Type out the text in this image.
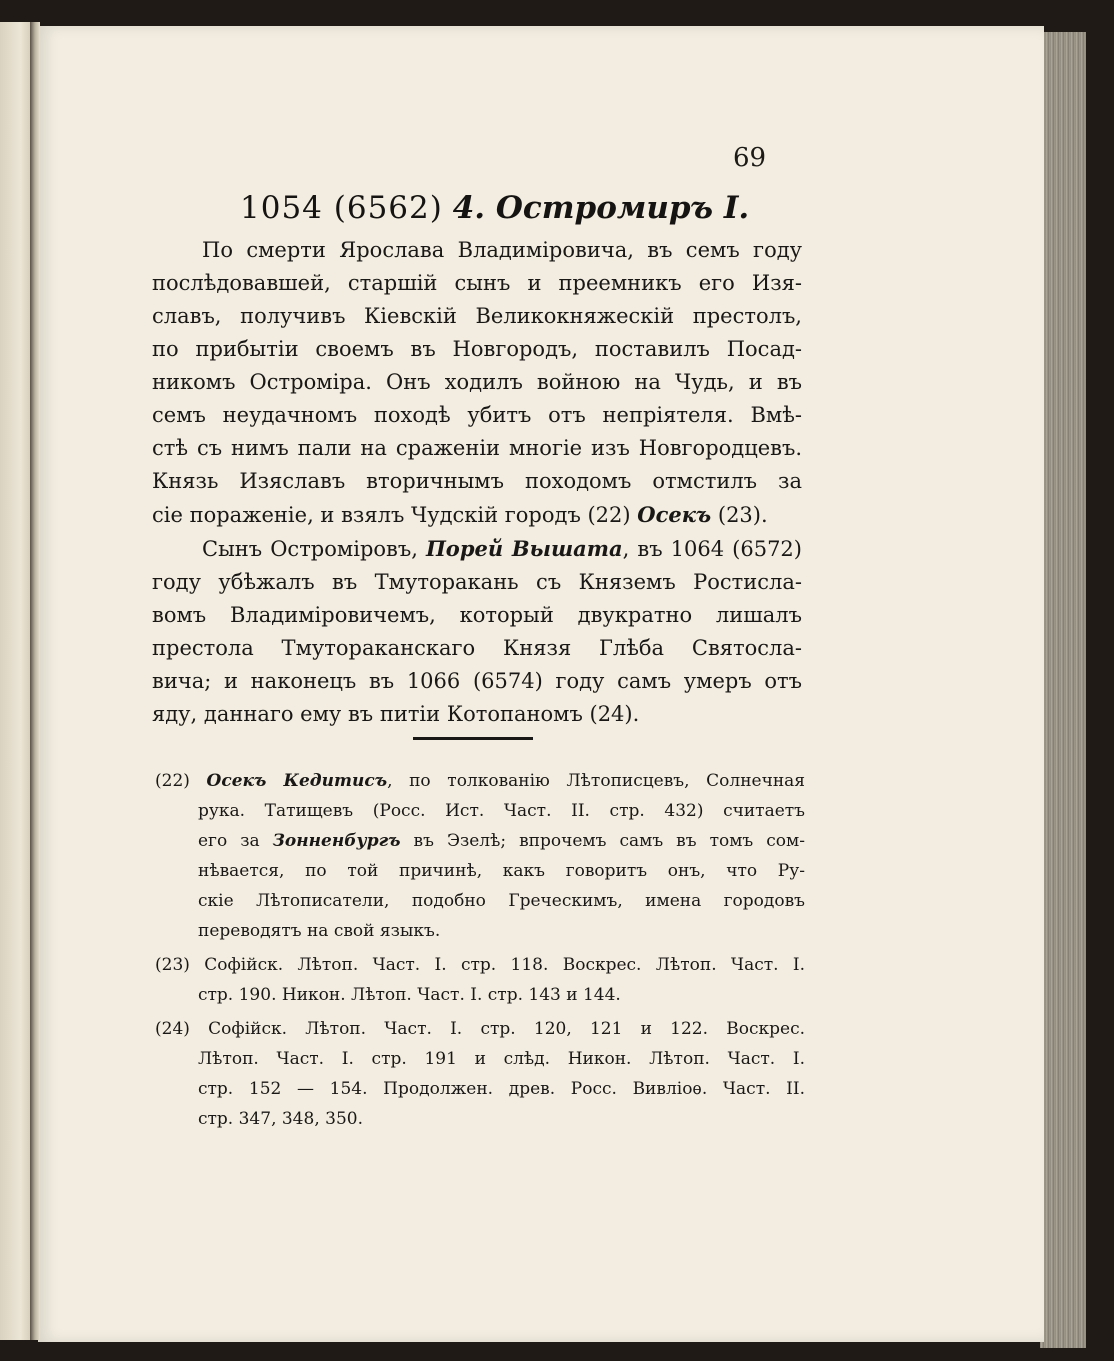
69
1054 (6562) 4. Остромиръ I.
По смерти Ярослава Владиміровича, въ семъ году
послѣдовавшей, старшій сынъ и преемникъ его Изя-
славъ, получивъ Кіевскій Великокняжескій престолъ,
по прибытіи своемъ въ Новгородъ, поставилъ Посад-
никомъ Остроміра. Онъ ходилъ войною на Чудь, и въ
семъ неудачномъ походѣ убитъ отъ непріятеля. Вмѣ-
стѣ съ нимъ пали на сраженіи многіе изъ Новгородцевъ.
Князь Изяславъ вторичнымъ походомъ отмстилъ за
сіе пораженіе, и взялъ Чудскій городъ (22) Осекъ (23).
Сынъ Остроміровъ, Порей Вышата, въ 1064 (6572)
году убѣжалъ въ Тмуторакань съ Княземъ Ростисла-
вомъ Владиміровичемъ, который двукратно лишалъ
престола Тмутораканскаго Князя Глѣба Святосла-
вича; и наконецъ въ 1066 (6574) году самъ умеръ отъ
яду, даннаго ему въ питіи Котопаномъ (24).
(22) Осекъ Кедитисъ, по толкованію Лѣтописцевъ, Солнечная
рука. Татищевъ (Росс. Ист. Част. II. стр. 432) считаетъ
его за Зонненбургъ въ Эзелѣ; впрочемъ самъ въ томъ сом-
нѣвается, по той причинѣ, какъ говоритъ онъ, что Ру-
скіе Лѣтописатели, подобно Греческимъ, имена городовъ
переводятъ на свой языкъ.
(23) Софійск. Лѣтоп. Част. I. стр. 118. Воскрес. Лѣтоп. Част. I.
стр. 190. Никон. Лѣтоп. Част. I. стр. 143 и 144.
(24) Софійск. Лѣтоп. Част. I. стр. 120, 121 и 122. Воскрес.
Лѣтоп. Част. I. стр. 191 и слѣд. Никон. Лѣтоп. Част. I.
стр. 152 — 154. Продолжен. древ. Росс. Вивліоѳ. Част. II.
стр. 347, 348, 350.
